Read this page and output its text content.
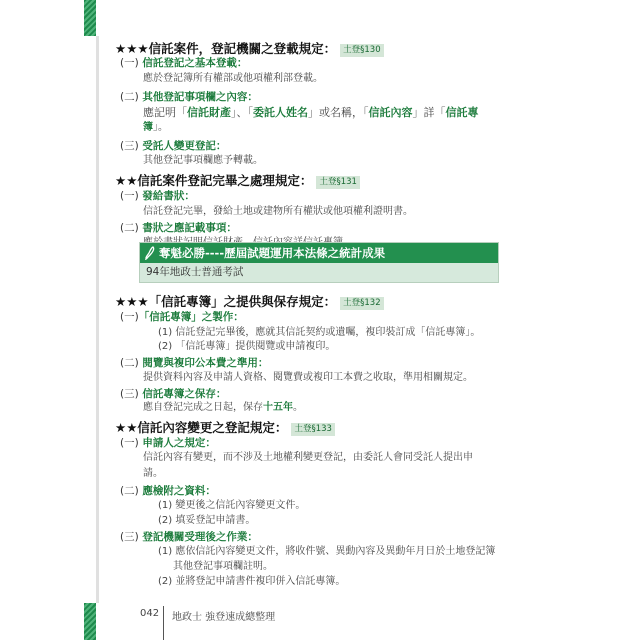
★★★信託案件，登記機關之登載規定： 土登§130
(一) 信託登記之基本登載：
應於登記簿所有權部或他項權利部登載。
(二) 其他登記事項欄之內容：
應記明「信託財產」、「委託人姓名」或名稱，「信託內容」詳「信託專
簿」。
(三) 受託人變更登記：
其他登記事項欄應予轉載。
★★信託案件登記完畢之處理規定： 土登§131
(一) 發給書狀：
信託登記完畢，發給土地或建物所有權狀或他項權利證明書。
(二) 書狀之應記載事項：
奪魁必勝----歷屆試題運用本法條之統計成果
94年地政士普通考試
★★★「信託專簿」之提供與保存規定： 土登§132
(一)「信託專簿」之製作：
(1) 信託登記完畢後，應就其信託契約或遺囑，複印裝訂成「信託專簿」。
(2) 「信託專簿」提供閱覽或申請複印。
(二) 閱覽與複印公本費之準用：
提供資料內容及申請人資格、閱覽費或複印工本費之收取，準用相關規定。
(三) 信託專簿之保存：
應自登記完成之日起，保存十五年。
★★信託內容變更之登記規定： 土登§133
(一) 申請人之規定：
信託內容有變更，而不涉及土地權利變更登記，由委託人會同受託人提出申
請。
(二) 應檢附之資料：
(1) 變更後之信託內容變更文件。
(2) 填妥登記申請書。
(三) 登記機關受理後之作業：
(1) 應依信託內容變更文件，將收件號、異動內容及異動年月日於土地登記簿
其他登記事項欄註明。
(2) 並將登記申請書件複印併入信託專簿。
042 地政士 強登速成總整理
